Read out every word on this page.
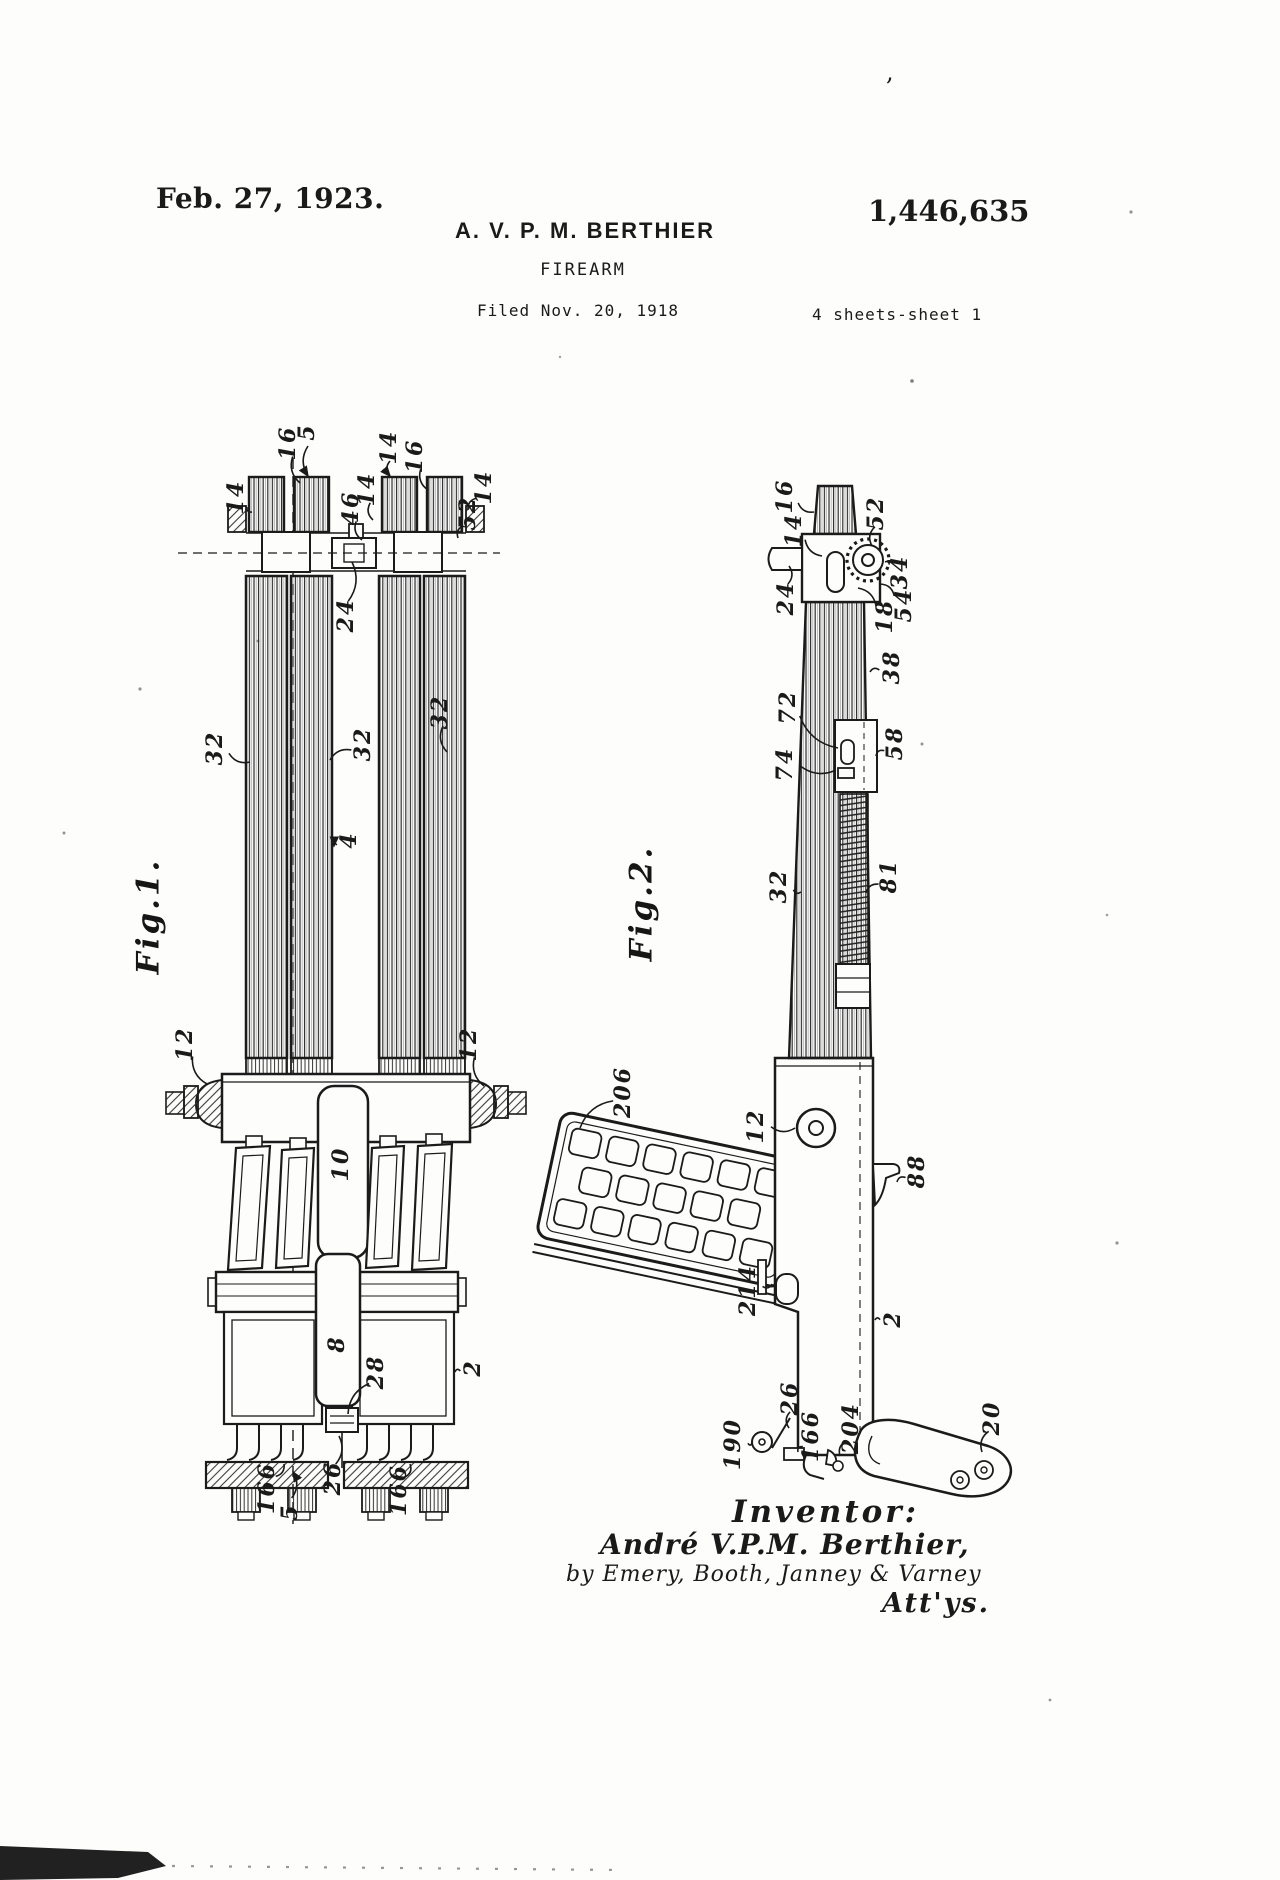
Feb. 27, 1923.	1,446,635
A. V. P. M. BERTHIER
FIREARM
Filed Nov. 20, 1918	4 sheets-sheet 1
,
Fig.1.	Fig.2.
14
16
5
46
14
14 16
52
14
24
32	32
32
4
12	12
10
8
28	2
26
166
5	166
16	52
14
24
34
54
18
38
72
74
58
32	81
206
12
88
214
2
26
190 166 204	20
Inventor:
André V.P.M. Berthier,
by Emery, Booth, Janney & Varney
Att'ys.
